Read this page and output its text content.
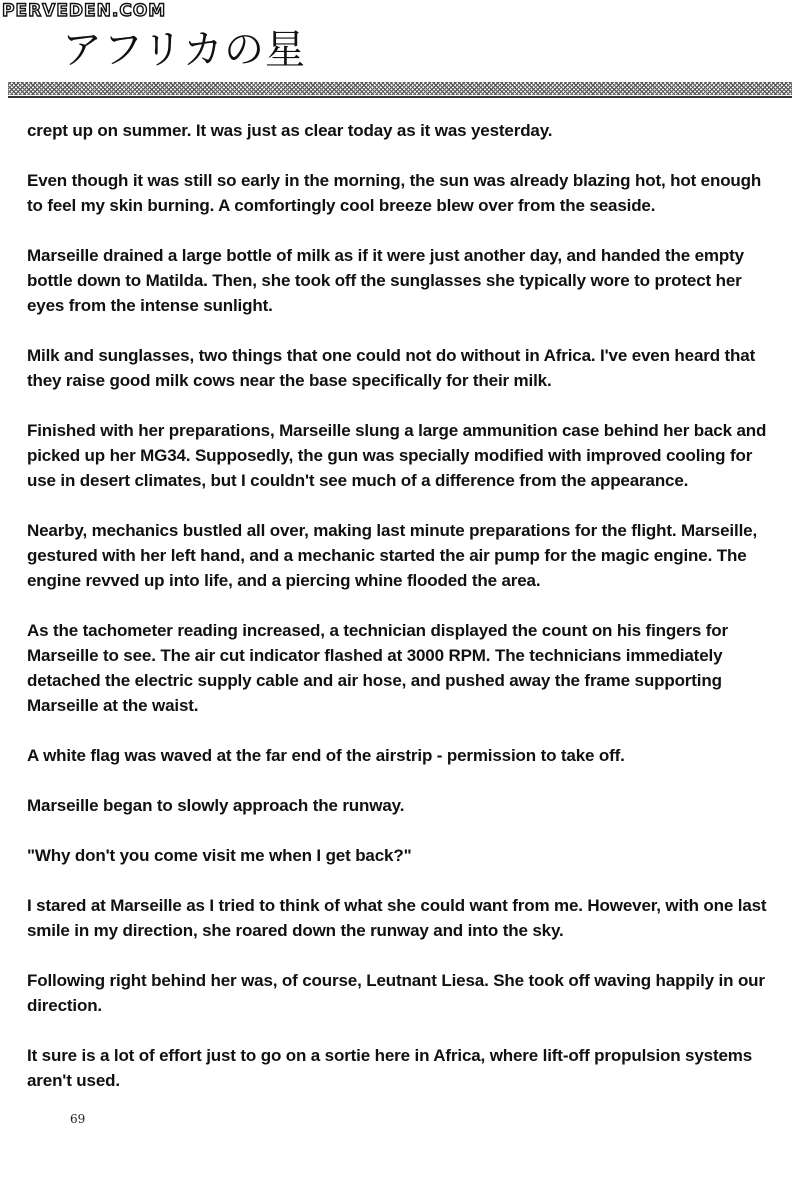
PERVEDEN.COM
アフリカの星

crept up on summer. It was just as clear today as it was yesterday.

Even though it was still so early in the morning, the sun was already blazing hot, hot enough to feel my skin burning. A comfortingly cool breeze blew over from the seaside.

Marseille drained a large bottle of milk as if it were just another day, and handed the empty bottle down to Matilda. Then, she took off the sunglasses she typically wore to protect her eyes from the intense sunlight.

Milk and sunglasses, two things that one could not do without in Africa. I've even heard that they raise good milk cows near the base specifically for their milk.

Finished with her preparations, Marseille slung a large ammunition case behind her back and picked up her MG34. Supposedly, the gun was specially modified with improved cooling for use in desert climates, but I couldn't see much of a difference from the appearance.

Nearby, mechanics bustled all over, making last minute preparations for the flight. Marseille, gestured with her left hand, and a mechanic started the air pump for the magic engine. The engine revved up into life, and a piercing whine flooded the area.

As the tachometer reading increased, a technician displayed the count on his fingers for Marseille to see. The air cut indicator flashed at 3000 RPM. The technicians immediately detached the electric supply cable and air hose, and pushed away the frame supporting Marseille at the waist.

A white flag was waved at the far end of the airstrip - permission to take off.

Marseille began to slowly approach the runway.

"Why don't you come visit me when I get back?"

I stared at Marseille as I tried to think of what she could want from me. However, with one last smile in my direction, she roared down the runway and into the sky.

Following right behind her was, of course, Leutnant Liesa. She took off waving happily in our direction.

It sure is a lot of effort just to go on a sortie here in Africa, where lift-off propulsion systems aren't used.

69
